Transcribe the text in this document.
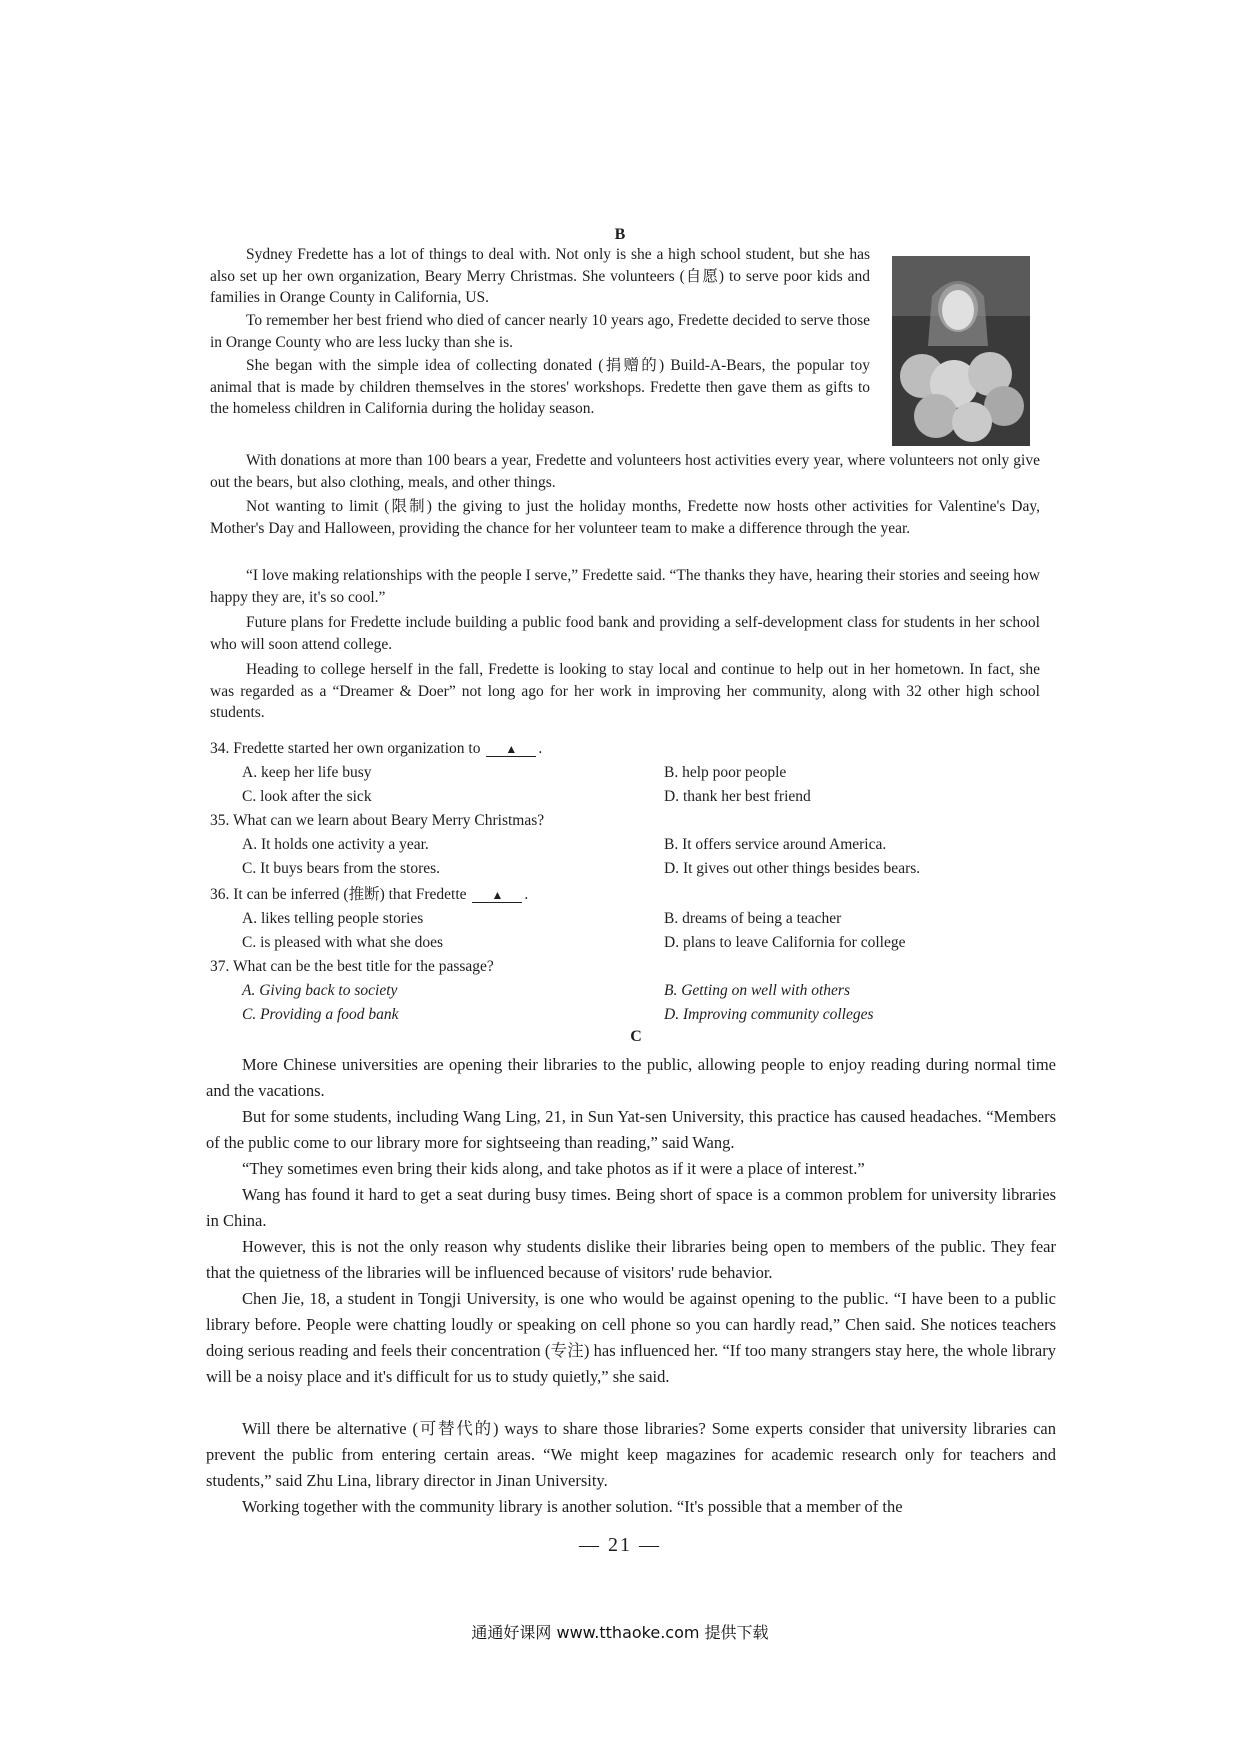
B

Sydney Fredette has a lot of things to deal with. Not only is she a high school student, but she has also set up her own organization, Beary Merry Christmas. She volunteers (自愿) to serve poor kids and families in Orange County in California, US.

To remember her best friend who died of cancer nearly 10 years ago, Fredette decided to serve those in Orange County who are less lucky than she is.

She began with the simple idea of collecting donated (捐赠的) Build-A-Bears, the popular toy animal that is made by children themselves in the stores' workshops. Fredette then gave them as gifts to the homeless children in California during the holiday season.

With donations at more than 100 bears a year, Fredette and volunteers host activities every year, where volunteers not only give out the bears, but also clothing, meals, and other things.

Not wanting to limit (限制) the giving to just the holiday months, Fredette now hosts other activities for Valentine's Day, Mother's Day and Halloween, providing the chance for her volunteer team to make a difference through the year.

“I love making relationships with the people I serve,” Fredette said. “The thanks they have, hearing their stories and seeing how happy they are, it's so cool.”

Future plans for Fredette include building a public food bank and providing a self-development class for students in her school who will soon attend college.

Heading to college herself in the fall, Fredette is looking to stay local and continue to help out in her hometown. In fact, she was regarded as a “Dreamer & Doer” not long ago for her work in improving her community, along with 32 other high school students.

34. Fredette started her own organization to ▲ .
A. keep her life busy	B. help poor people
C. look after the sick	D. thank her best friend
35. What can we learn about Beary Merry Christmas?
A. It holds one activity a year.	B. It offers service around America.
C. It buys bears from the stores.	D. It gives out other things besides bears.
36. It can be inferred (推断) that Fredette ▲ .
A. likes telling people stories	B. dreams of being a teacher
C. is pleased with what she does	D. plans to leave California for college
37. What can be the best title for the passage?
A. Giving back to society	B. Getting on well with others
C. Providing a food bank	D. Improving community colleges
C

More Chinese universities are opening their libraries to the public, allowing people to enjoy reading during normal time and the vacations.

But for some students, including Wang Ling, 21, in Sun Yat-sen University, this practice has caused headaches. “Members of the public come to our library more for sightseeing than reading,” said Wang.

“They sometimes even bring their kids along, and take photos as if it were a place of interest.”

Wang has found it hard to get a seat during busy times. Being short of space is a common problem for university libraries in China.

However, this is not the only reason why students dislike their libraries being open to members of the public. They fear that the quietness of the libraries will be influenced because of visitors' rude behavior.

Chen Jie, 18, a student in Tongji University, is one who would be against opening to the public. “I have been to a public library before. People were chatting loudly or speaking on cell phone so you can hardly read,” Chen said. She notices teachers doing serious reading and feels their concentration (专注) has influenced her. “If too many strangers stay here, the whole library will be a noisy place and it's difficult for us to study quietly,” she said.

Will there be alternative (可替代的) ways to share those libraries? Some experts consider that university libraries can prevent the public from entering certain areas. “We might keep magazines for academic research only for teachers and students,” said Zhu Lina, library director in Jinan University.

Working together with the community library is another solution. “It's possible that a member of the

— 21 —
通通好课网 www.tthaoke.com 提供下载
